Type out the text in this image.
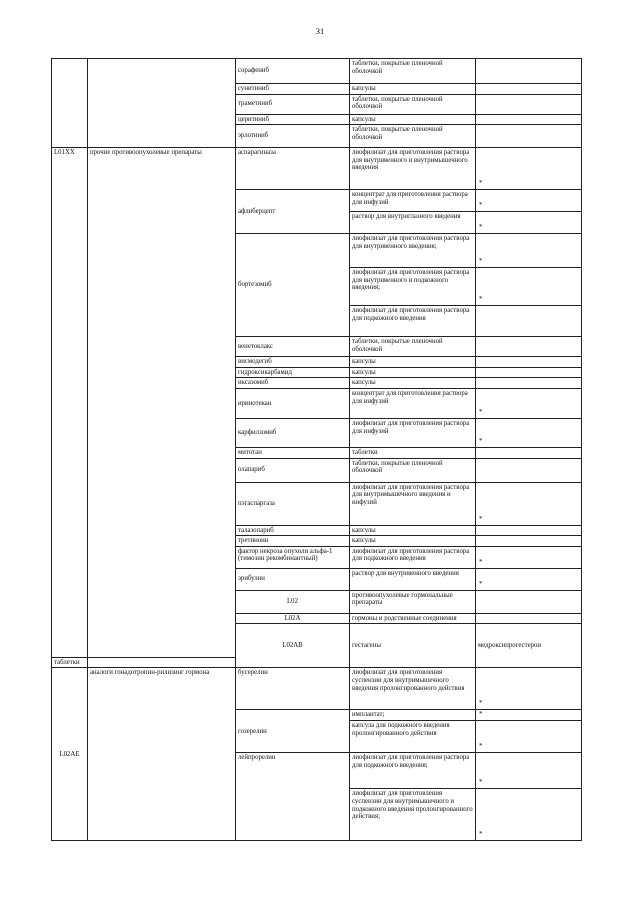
31
		сорафениб	таблетки, покрытые пленочной оболочкой		
		сунитиниб	капсулы		
		траметиниб	таблетки, покрытые пленочной оболочкой		
		церитиниб	капсулы		
		эрлотиниб	таблетки, покрытые пленочной оболочкой		
L01XX	прочие противоопухолевые препараты	аспарагиназа	лиофилизат для приготовления раствора для внутривенного и внутримышечного введения	*	

		афлиберцепт	концентрат для приготовления раствора для инфузий	*	

			раствор для внутриглазного введения	*	

		бортезомиб	лиофилизат для приготовления раствора для внутривенного введения;	*	

			лиофилизат для приготовления раствора для внутривенного и подкожного введения;	*	

			лиофилизат для приготовления раствора для подкожного введения		
		венетоклакс	таблетки, покрытые пленочной оболочкой		
		висмодегиб	капсулы		
		гидроксикарбамид	капсулы		
		иксазомиб	капсулы		
		иринотекан	концентрат для приготовления раствора для инфузий	*	

		карфилзомиб	лиофилизат для приготовления раствора для инфузий	*	

		митотан	таблетки		
		олапариб	таблетки, покрытые пленочной оболочкой		
		пэгаспаргаза	лиофилизат для приготовления раствора для внутримышечного введения и инфузий	*	

		талазопариб	капсулы		
		третиноин	капсулы		
		фактор некроза опухоли альфа-1 (тимозин рекомбинантный)	лиофилизат для приготовления раствора для подкожного введения	*	

		эрибулин	раствор для внутривенного введения	*	

		L02	противоопухолевые гормональные препараты			
		L02A	гормоны и родственные соединения			
		L02AB	гестагены	медроксипрогестерон		
таблетки					
L02AE	аналоги гонадотропин-рилизинг гормона	бусерелин	лиофилизат для приготовления суспензии для внутримышечного введения пролонгированного действия	*	

		гозерелин	имплантат;	*	

			капсула для подкожного введения пролонгированного действия	*	

		лейпрорелин	лиофилизат для приготовления раствора для подкожного введения;	*	

			лиофилизат для приготовления суспензии для внутримышечного и подкожного введения пролонгированного действия;	*	
